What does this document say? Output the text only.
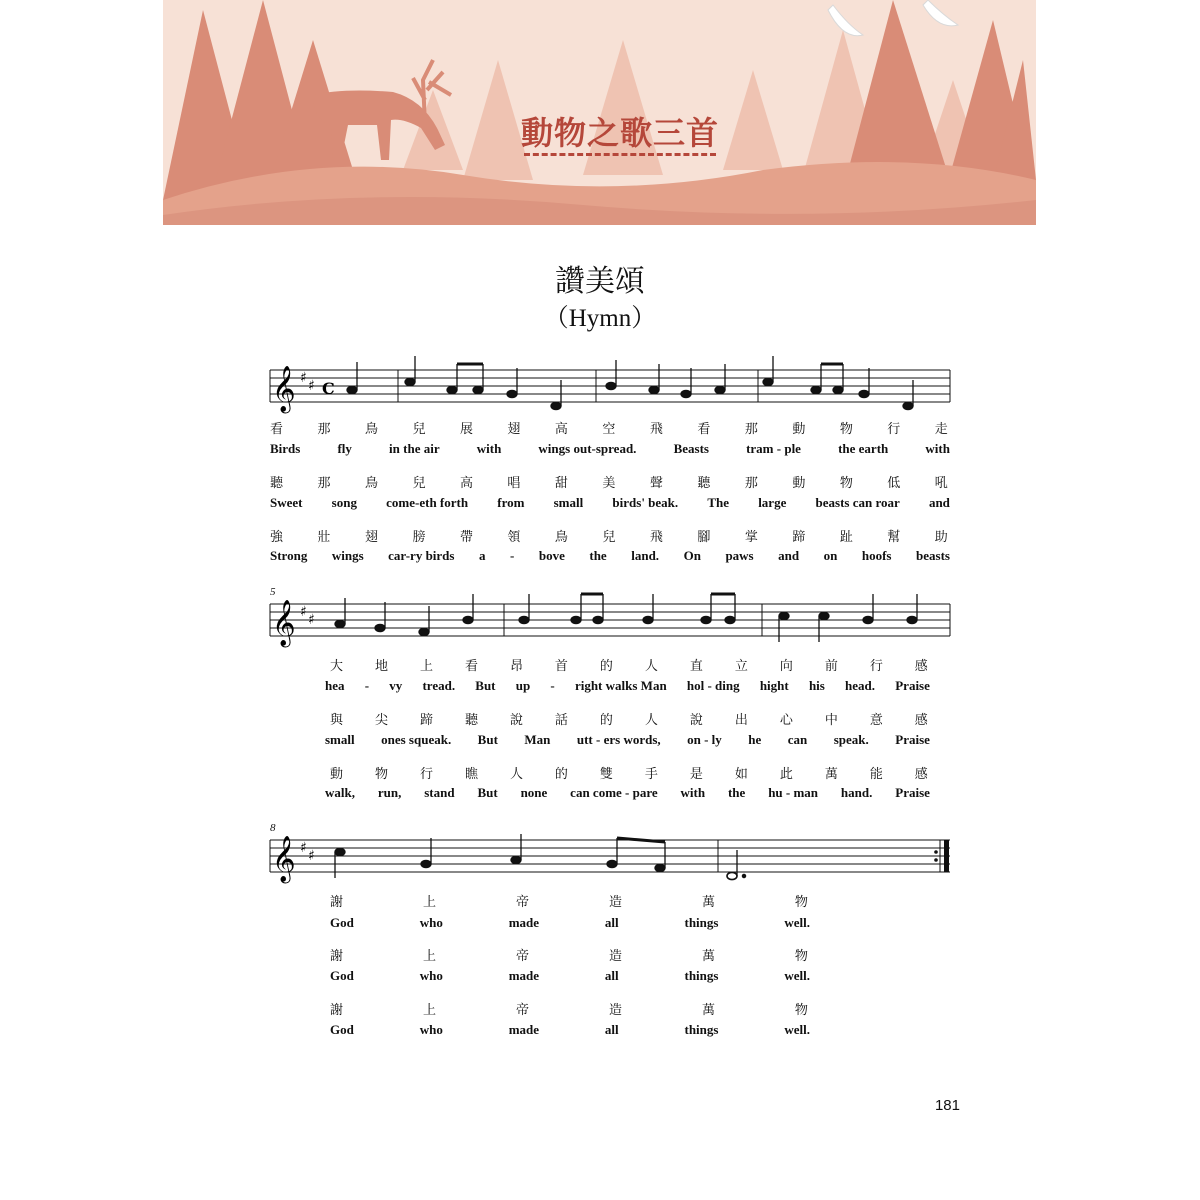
動物之歌三首
讚美頌
（Hymn）
𝄞 ♯ ♯ C
看 那 鳥 兒 展 翅 高 空 飛 看 那 動 物 行 走
Birds	fly	in the air	with	wings out-spread.	Beasts	tram - ple	the earth	with
聽 那 鳥 兒 高 唱 甜 美 聲 聽 那 動 物 低 吼
Sweet song come-eth forth from small birds' beak. The large beasts can roar and
強 壯 翅 膀 帶 領 鳥 兒 飛 腳 掌 蹄 趾 幫 助
Strong wings car-ry birds a - bove the land. On paws and on hoofs beasts
5
𝄞 ♯ ♯
大 地 上 看 昂 首 的 人 直 立 向 前 行 感
hea - vy tread. But up - right walks Man hol - ding hight his head. Praise
與 尖 蹄 聽 說 話 的 人 說 出 心 中 意 感
small ones squeak. But Man utt - ers words, on - ly he can speak. Praise
動 物 行 瞧 人 的 雙 手 是 如 此 萬 能 感
walk, run, stand But none can come - pare with the hu - man hand. Praise
8
𝄞 ♯ ♯
謝	上	帝	造	萬	物
God	who	made	all	things	well.
謝	上	帝	造	萬	物
God	who	made	all	things	well.
謝	上	帝	造	萬	物
God	who	made	all	things	well.
181
